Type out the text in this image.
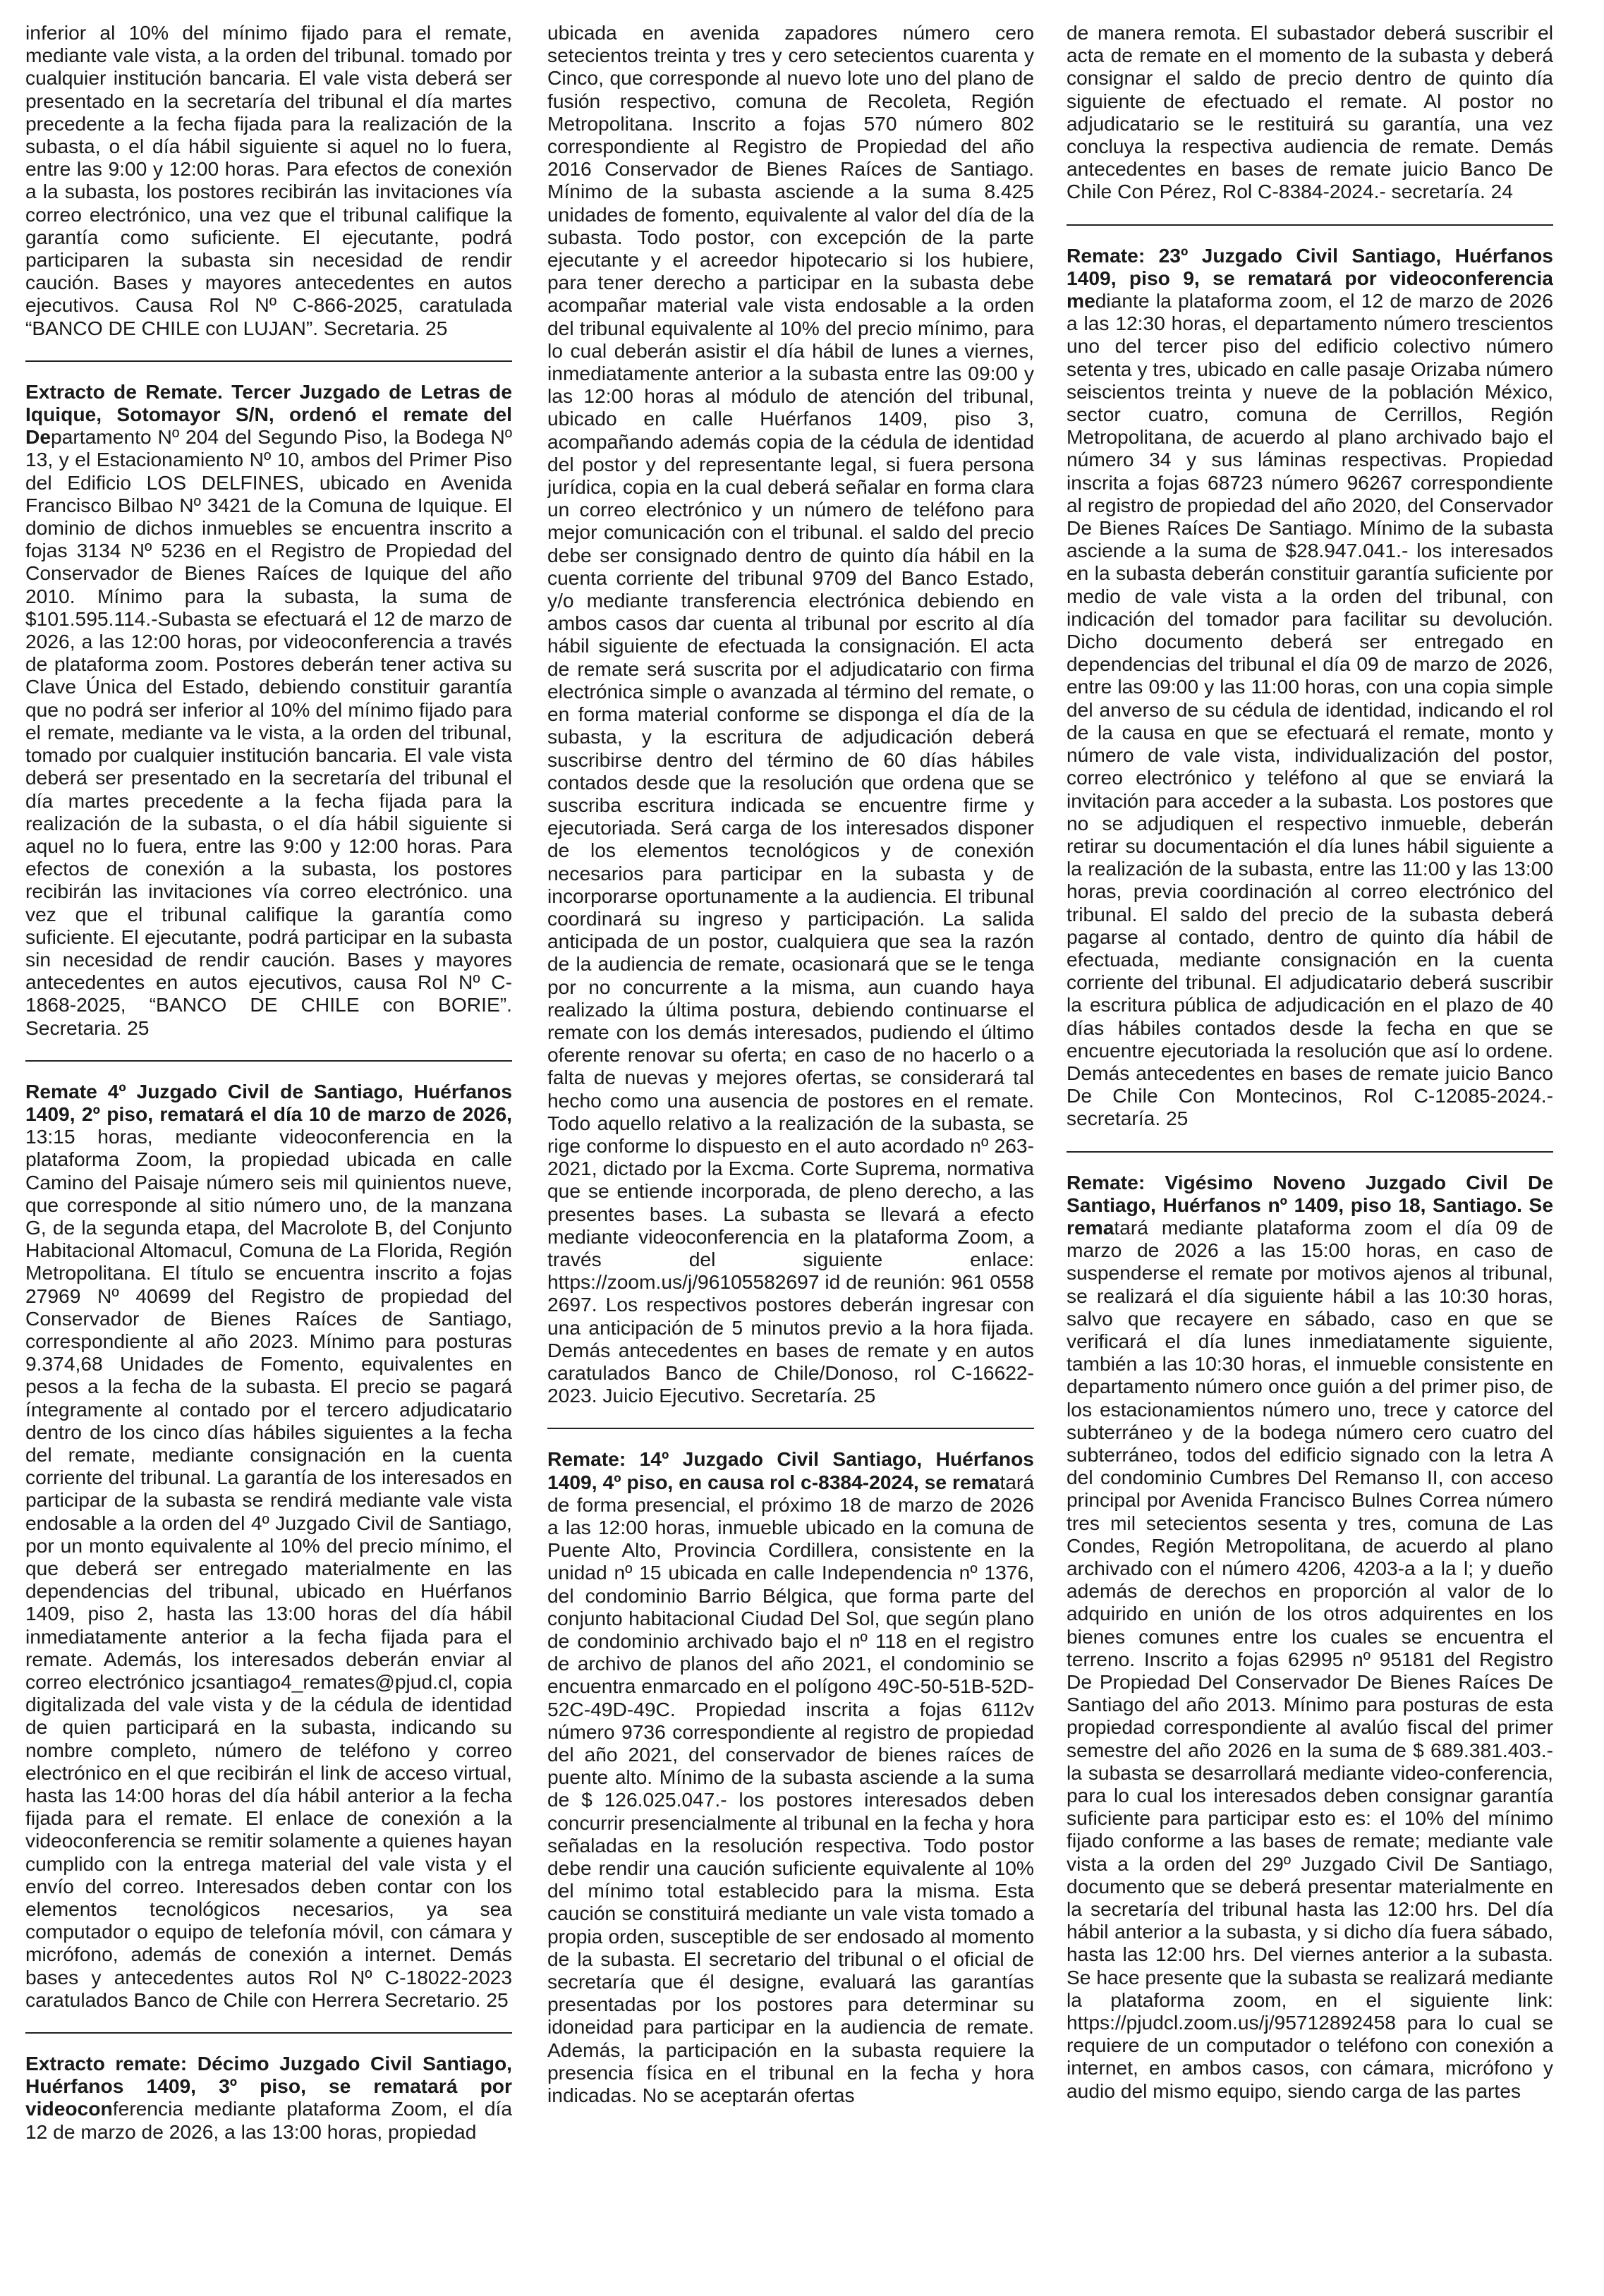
inferior al 10% del mínimo fijado para el remate, mediante vale vista, a la orden del tribunal. tomado por cualquier institución bancaria. El vale vista deberá ser presentado en la secretaría del tribunal el día martes precedente a la fecha fijada para la realización de la subasta, o el día hábil siguiente si aquel no lo fuera, entre las 9:00 y 12:00 horas. Para efectos de conexión a la subasta, los postores recibirán las invitaciones vía correo electrónico, una vez que el tribunal califique la garantía como suficiente. El ejecutante, podrá participaren la subasta sin necesidad de rendir caución. Bases y mayores antecedentes en autos ejecutivos. Causa Rol Nº C-866-2025, caratulada “BANCO DE CHILE con LUJAN”. Secretaria. 25

Extracto de Remate. Tercer Juzgado de Letras de Iquique, Sotomayor S/N, ordenó el remate del Departamento Nº 204 del Segundo Piso, la Bodega Nº 13, y el Estacionamiento Nº 10, ambos del Primer Piso del Edificio LOS DELFINES, ubicado en Avenida Francisco Bilbao Nº 3421 de la Comuna de Iquique. El dominio de dichos inmuebles se encuentra inscrito a fojas 3134 Nº 5236 en el Registro de Propiedad del Conservador de Bienes Raíces de Iquique del año 2010. Mínimo para la subasta, la suma de $101.595.114.-Subasta se efectuará el 12 de marzo de 2026, a las 12:00 horas, por videoconferencia a través de plataforma zoom. Postores deberán tener activa su Clave Única del Estado, debiendo constituir garantía que no podrá ser inferior al 10% del mínimo fijado para el remate, mediante va le vista, a la orden del tribunal, tomado por cualquier institución bancaria. El vale vista deberá ser presentado en la secretaría del tribunal el día martes precedente a la fecha fijada para la realización de la subasta, o el día hábil siguiente si aquel no lo fuera, entre las 9:00 y 12:00 horas. Para efectos de conexión a la subasta, los postores recibirán las invitaciones vía correo electrónico. una vez que el tribunal califique la garantía como suficiente. El ejecutante, podrá participar en la subasta sin necesidad de rendir caución. Bases y mayores antecedentes en autos ejecutivos, causa Rol Nº C-1868-2025, “BANCO DE CHILE con BORIE”. Secretaria. 25

Remate 4º Juzgado Civil de Santiago, Huérfanos 1409, 2º piso, rematará el día 10 de marzo de 2026, 13:15 horas, mediante videoconferencia en la plataforma Zoom, la propiedad ubicada en calle Camino del Paisaje número seis mil quinientos nueve, que corresponde al sitio número uno, de la manzana G, de la segunda etapa, del Macrolote B, del Conjunto Habitacional Altomacul, Comuna de La Florida, Región Metropolitana. El título se encuentra inscrito a fojas 27969 Nº 40699 del Registro de propiedad del Conservador de Bienes Raíces de Santiago, correspondiente al año 2023. Mínimo para posturas 9.374,68 Unidades de Fomento, equivalentes en pesos a la fecha de la subasta. El precio se pagará íntegramente al contado por el tercero adjudicatario dentro de los cinco días hábiles siguientes a la fecha del remate, mediante consignación en la cuenta corriente del tribunal. La garantía de los interesados en participar de la subasta se rendirá mediante vale vista endosable a la orden del 4º Juzgado Civil de Santiago, por un monto equivalente al 10% del precio mínimo, el que deberá ser entregado materialmente en las dependencias del tribunal, ubicado en Huérfanos 1409, piso 2, hasta las 13:00 horas del día hábil inmediatamente anterior a la fecha fijada para el remate. Además, los interesados deberán enviar al correo electrónico jcsantiago4_remates@pjud.cl, copia digitalizada del vale vista y de la cédula de identidad de quien participará en la subasta, indicando su nombre completo, número de teléfono y correo electrónico en el que recibirán el link de acceso virtual, hasta las 14:00 horas del día hábil anterior a la fecha fijada para el remate. El enlace de conexión a la videoconferencia se remitir solamente a quienes hayan cumplido con la entrega material del vale vista y el envío del correo. Interesados deben contar con los elementos tecnológicos necesarios, ya sea computador o equipo de telefonía móvil, con cámara y micrófono, además de conexión a internet. Demás bases y antecedentes autos Rol Nº C-18022-2023 caratulados Banco de Chile con Herrera Secretario. 25

Extracto remate: Décimo Juzgado Civil Santiago, Huérfanos 1409, 3º piso, se rematará por videoconferencia mediante plataforma Zoom, el día 12 de marzo de 2026, a las 13:00 horas, propiedad

ubicada en avenida zapadores número cero setecientos treinta y tres y cero setecientos cuarenta y Cinco, que corresponde al nuevo lote uno del plano de fusión respectivo, comuna de Recoleta, Región Metropolitana. Inscrito a fojas 570 número 802 correspondiente al Registro de Propiedad del año 2016 Conservador de Bienes Raíces de Santiago. Mínimo de la subasta asciende a la suma 8.425 unidades de fomento, equivalente al valor del día de la subasta. Todo postor, con excepción de la parte ejecutante y el acreedor hipotecario si los hubiere, para tener derecho a participar en la subasta debe acompañar material vale vista endosable a la orden del tribunal equivalente al 10% del precio mínimo, para lo cual deberán asistir el día hábil de lunes a viernes, inmediatamente anterior a la subasta entre las 09:00 y las 12:00 horas al módulo de atención del tribunal, ubicado en calle Huérfanos 1409, piso 3, acompañando además copia de la cédula de identidad del postor y del representante legal, si fuera persona jurídica, copia en la cual deberá señalar en forma clara un correo electrónico y un número de teléfono para mejor comunicación con el tribunal. el saldo del precio debe ser consignado dentro de quinto día hábil en la cuenta corriente del tribunal 9709 del Banco Estado, y/o mediante transferencia electrónica debiendo en ambos casos dar cuenta al tribunal por escrito al día hábil siguiente de efectuada la consignación. El acta de remate será suscrita por el adjudicatario con firma electrónica simple o avanzada al término del remate, o en forma material conforme se disponga el día de la subasta, y la escritura de adjudicación deberá suscribirse dentro del término de 60 días hábiles contados desde que la resolución que ordena que se suscriba escritura indicada se encuentre firme y ejecutoriada. Será carga de los interesados disponer de los elementos tecnológicos y de conexión necesarios para participar en la subasta y de incorporarse oportunamente a la audiencia. El tribunal coordinará su ingreso y participación. La salida anticipada de un postor, cualquiera que sea la razón de la audiencia de remate, ocasionará que se le tenga por no concurrente a la misma, aun cuando haya realizado la última postura, debiendo continuarse el remate con los demás interesados, pudiendo el último oferente renovar su oferta; en caso de no hacerlo o a falta de nuevas y mejores ofertas, se considerará tal hecho como una ausencia de postores en el remate. Todo aquello relativo a la realización de la subasta, se rige conforme lo dispuesto en el auto acordado nº 263-2021, dictado por la Excma. Corte Suprema, normativa que se entiende incorporada, de pleno derecho, a las presentes bases. La subasta se llevará a efecto mediante videoconferencia en la plataforma Zoom, a través del siguiente enlace: https://zoom.us/j/96105582697 id de reunión: 961 0558 2697. Los respectivos postores deberán ingresar con una anticipación de 5 minutos previo a la hora fijada. Demás antecedentes en bases de remate y en autos caratulados Banco de Chile/Donoso, rol C-16622-2023. Juicio Ejecutivo. Secretaría. 25

Remate: 14º Juzgado Civil Santiago, Huérfanos 1409, 4º piso, en causa rol c-8384-2024, se rematará de forma presencial, el próximo 18 de marzo de 2026 a las 12:00 horas, inmueble ubicado en la comuna de Puente Alto, Provincia Cordillera, consistente en la unidad nº 15 ubicada en calle Independencia nº 1376, del condominio Barrio Bélgica, que forma parte del conjunto habitacional Ciudad Del Sol, que según plano de condominio archivado bajo el nº 118 en el registro de archivo de planos del año 2021, el condominio se encuentra enmarcado en el polígono 49C-50-51B-52D-52C-49D-49C. Propiedad inscrita a fojas 6112v número 9736 correspondiente al registro de propiedad del año 2021, del conservador de bienes raíces de puente alto. Mínimo de la subasta asciende a la suma de $ 126.025.047.- los postores interesados deben concurrir presencialmente al tribunal en la fecha y hora señaladas en la resolución respectiva. Todo postor debe rendir una caución suficiente equivalente al 10% del mínimo total establecido para la misma. Esta caución se constituirá mediante un vale vista tomado a propia orden, susceptible de ser endosado al momento de la subasta. El secretario del tribunal o el oficial de secretaría que él designe, evaluará las garantías presentadas por los postores para determinar su idoneidad para participar en la audiencia de remate. Además, la participación en la subasta requiere la presencia física en el tribunal en la fecha y hora indicadas. No se aceptarán ofertas

de manera remota. El subastador deberá suscribir el acta de remate en el momento de la subasta y deberá consignar el saldo de precio dentro de quinto día siguiente de efectuado el remate. Al postor no adjudicatario se le restituirá su garantía, una vez concluya la respectiva audiencia de remate. Demás antecedentes en bases de remate juicio Banco De Chile Con Pérez, Rol C-8384-2024.- secretaría. 24

Remate: 23º Juzgado Civil Santiago, Huérfanos 1409, piso 9, se rematará por videoconferencia mediante la plataforma zoom, el 12 de marzo de 2026 a las 12:30 horas, el departamento número trescientos uno del tercer piso del edificio colectivo número setenta y tres, ubicado en calle pasaje Orizaba número seiscientos treinta y nueve de la población México, sector cuatro, comuna de Cerrillos, Región Metropolitana, de acuerdo al plano archivado bajo el número 34 y sus láminas respectivas. Propiedad inscrita a fojas 68723 número 96267 correspondiente al registro de propiedad del año 2020, del Conservador De Bienes Raíces De Santiago. Mínimo de la subasta asciende a la suma de $28.947.041.- los interesados en la subasta deberán constituir garantía suficiente por medio de vale vista a la orden del tribunal, con indicación del tomador para facilitar su devolución. Dicho documento deberá ser entregado en dependencias del tribunal el día 09 de marzo de 2026, entre las 09:00 y las 11:00 horas, con una copia simple del anverso de su cédula de identidad, indicando el rol de la causa en que se efectuará el remate, monto y número de vale vista, individualización del postor, correo electrónico y teléfono al que se enviará la invitación para acceder a la subasta. Los postores que no se adjudiquen el respectivo inmueble, deberán retirar su documentación el día lunes hábil siguiente a la realización de la subasta, entre las 11:00 y las 13:00 horas, previa coordinación al correo electrónico del tribunal. El saldo del precio de la subasta deberá pagarse al contado, dentro de quinto día hábil de efectuada, mediante consignación en la cuenta corriente del tribunal. El adjudicatario deberá suscribir la escritura pública de adjudicación en el plazo de 40 días hábiles contados desde la fecha en que se encuentre ejecutoriada la resolución que así lo ordene. Demás antecedentes en bases de remate juicio Banco De Chile Con Montecinos, Rol C-12085-2024.- secretaría. 25

Remate: Vigésimo Noveno Juzgado Civil De Santiago, Huérfanos nº 1409, piso 18, Santiago. Se rematará mediante plataforma zoom el día 09 de marzo de 2026 a las 15:00 horas, en caso de suspenderse el remate por motivos ajenos al tribunal, se realizará el día siguiente hábil a las 10:30 horas, salvo que recayere en sábado, caso en que se verificará el día lunes inmediatamente siguiente, también a las 10:30 horas, el inmueble consistente en departamento número once guión a del primer piso, de los estacionamientos número uno, trece y catorce del subterráneo y de la bodega número cero cuatro del subterráneo, todos del edificio signado con la letra A del condominio Cumbres Del Remanso II, con acceso principal por Avenida Francisco Bulnes Correa número tres mil setecientos sesenta y tres, comuna de Las Condes, Región Metropolitana, de acuerdo al plano archivado con el número 4206, 4203-a a la l; y dueño además de derechos en proporción al valor de lo adquirido en unión de los otros adquirentes en los bienes comunes entre los cuales se encuentra el terreno. Inscrito a fojas 62995 nº 95181 del Registro De Propiedad Del Conservador De Bienes Raíces De Santiago del año 2013. Mínimo para posturas de esta propiedad correspondiente al avalúo fiscal del primer semestre del año 2026 en la suma de $ 689.381.403.- la subasta se desarrollará mediante video-conferencia, para lo cual los interesados deben consignar garantía suficiente para participar esto es: el 10% del mínimo fijado conforme a las bases de remate; mediante vale vista a la orden del 29º Juzgado Civil De Santiago, documento que se deberá presentar materialmente en la secretaría del tribunal hasta las 12:00 hrs. Del día hábil anterior a la subasta, y si dicho día fuera sábado, hasta las 12:00 hrs. Del viernes anterior a la subasta. Se hace presente que la subasta se realizará mediante la plataforma zoom, en el siguiente link: https://pjudcl.zoom.us/j/95712892458 para lo cual se requiere de un computador o teléfono con conexión a internet, en ambos casos, con cámara, micrófono y audio del mismo equipo, siendo carga de las partes
